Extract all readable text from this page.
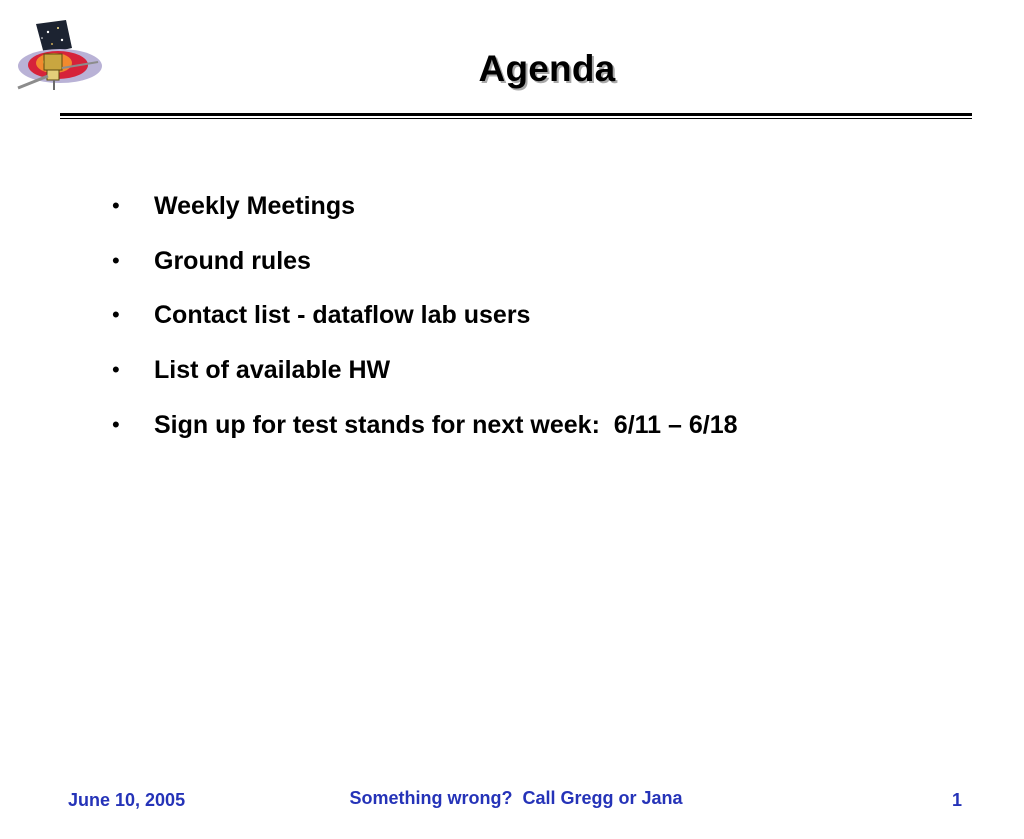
Agenda

•

Weekly Meetings

•

Ground rules

•

Contact list - dataflow lab users

•

List of available HW

•

Sign up for test stands for next week:  6/11 – 6/18

June 10, 2005	Something wrong?  Call Gregg or Jana	1
